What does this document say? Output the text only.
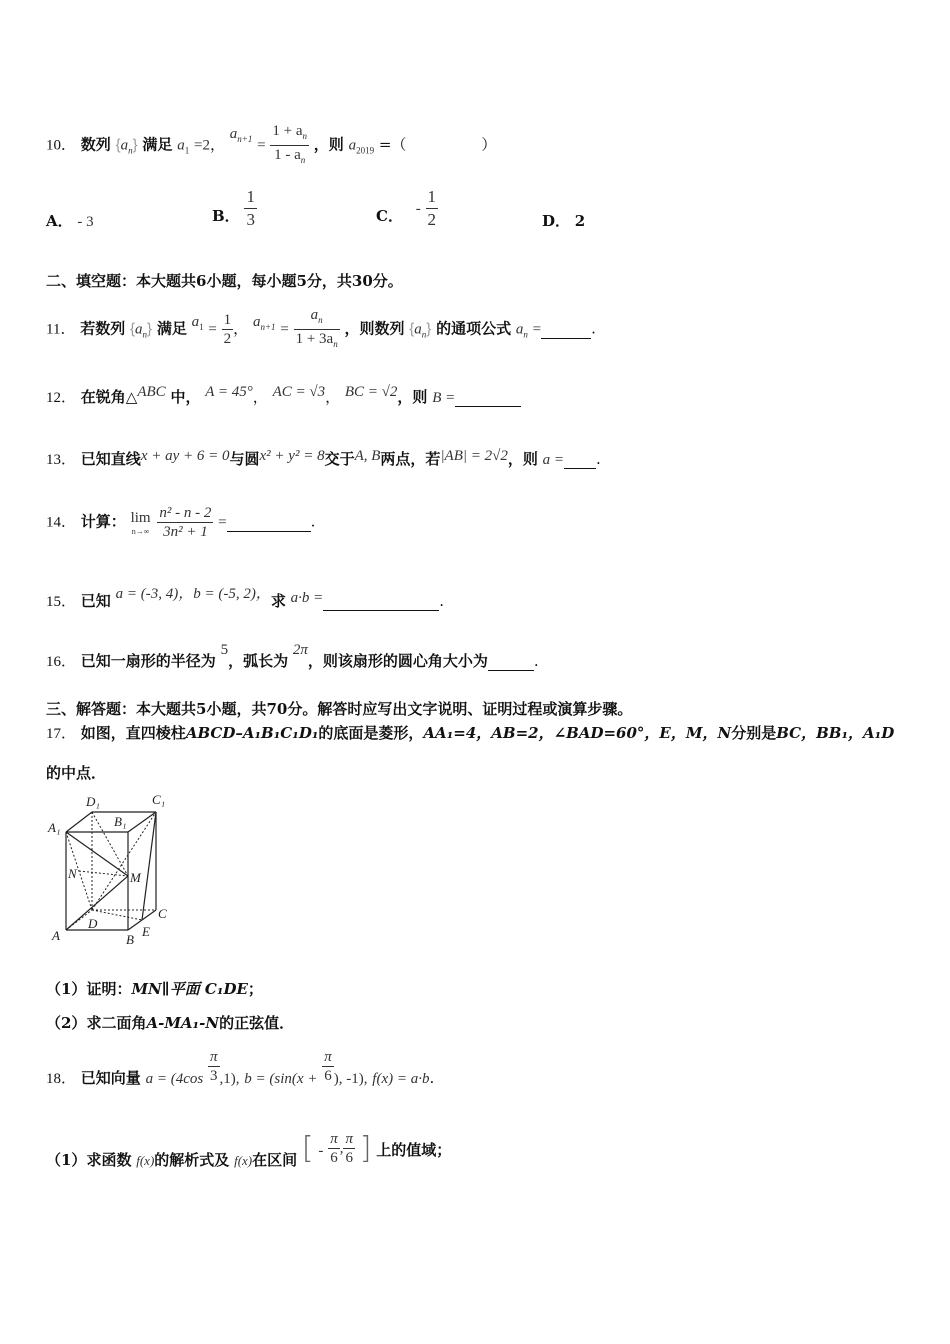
10． 数列 $\{a_n\}$ 满足 $a_1 =2$， $a_{n+1} = \frac{1 + a_n}{1 - a_n}$ ，则 $a_{2019}$ =（　　　　　）
A． - 3	B． $\frac{1}{3}$	C． - $\frac{1}{2}$	D． 2
二、填空题：本大题共6小题，每小题5分，共30分。
11． 若数列 $\{a_n\}$ 满足 $a_1 = \frac{1}{2}$ ， $a_{n+1} = \frac{a_n}{1 + 3a_n}$ ，则数列 $\{a_n\}$ 的通项公式 $a_n$ =	.
12． 在锐角△ABC 中， A = 45°， AC = √3， BC = √2，则 B =
13． 已知直线x + ay + 6 = 0与圆x² + y² = 8交于A, B两点，若|AB| = 2√2，则 a = .
14． 计算： lim
n→∞
$\frac{\text{n² - n - 2}}{\text{3n² + 1}}$ =	.
15． 已知 a = (-3, 4)，b = (-5, 2)，求 a·b =	.
16． 已知一扇形的半径为 5，弧长为 2π，则该扇形的圆心角大小为	.
三、解答题：本大题共5小题，共70分。解答时应写出文字说明、证明过程或演算步骤。
17． 如图，直四棱柱ABCD–A₁B₁C₁D₁的底面是菱形，AA₁=4，AB=2，∠BAD=60°，E，M，N分别是BC，BB₁，A₁D
的中点．
D₁	C₁
A₁	B₁
N	M
D
C
A	B
E
（1）证明：MN∥平面 C₁DE；
（2）求二面角A-MA₁-N的正弦值．
18． 已知向量 $a = (4\cos \frac{\pi}{3} ,1)$, $b = (\sin(x + \frac{\pi}{6}$ ), -1), f(x) = a·b.
（1）求函数 f(x)的解析式及 f(x)在区间 [ - $\frac{\pi}{6}$ , $\frac{\pi}{6}$ ] 上的值域；
